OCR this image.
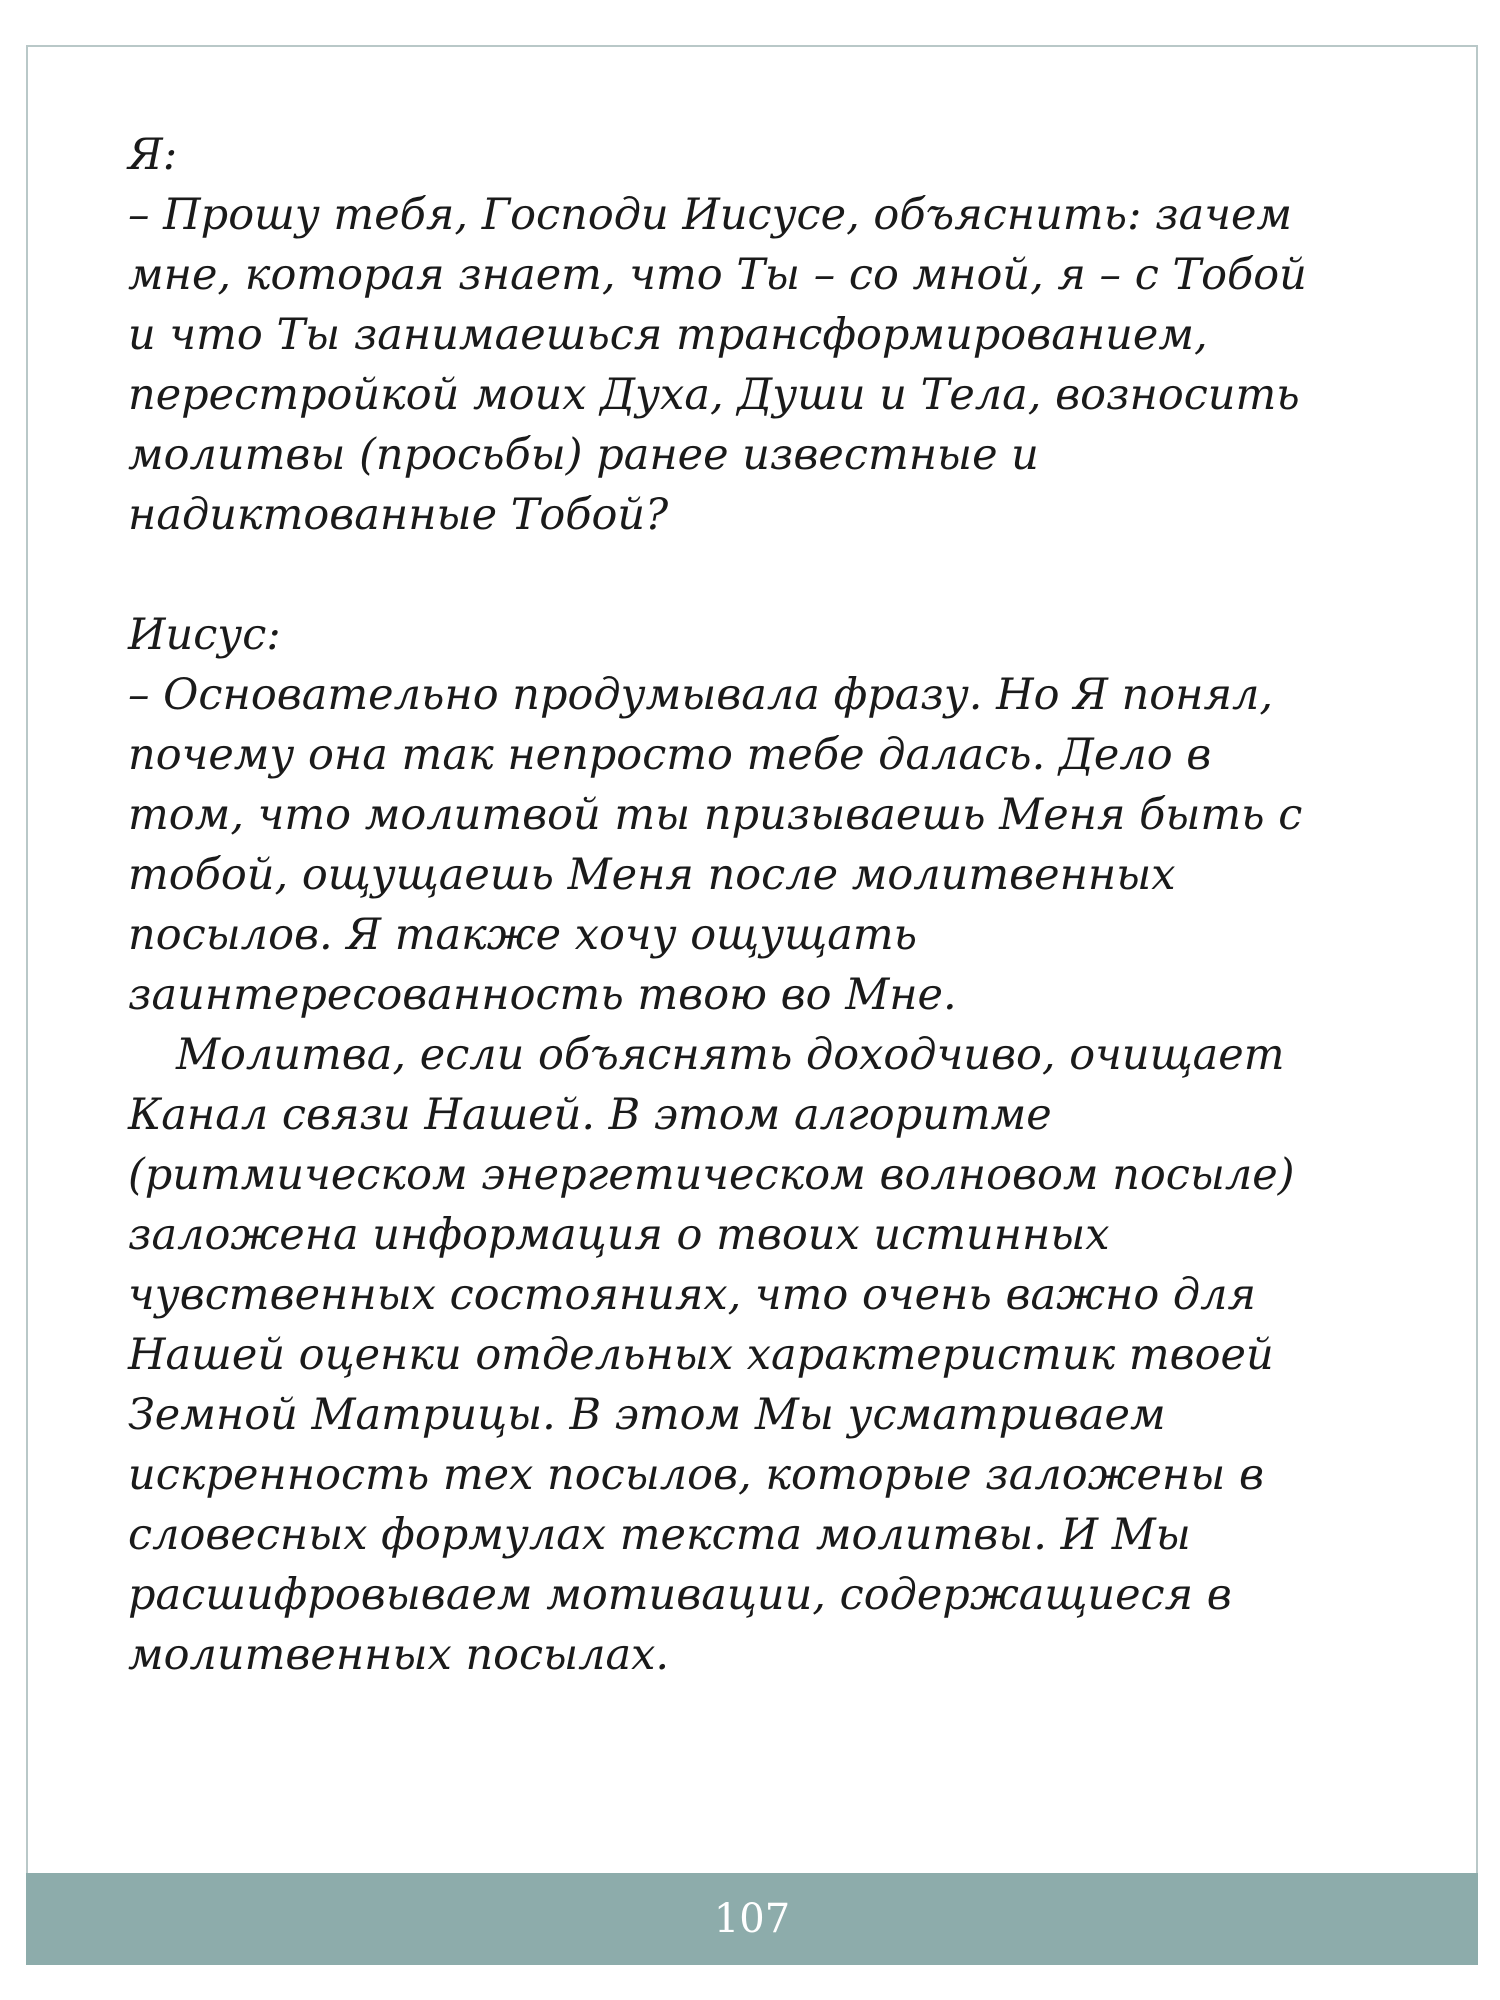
Я:
– Прошу тебя, Господи Иисусе, объяснить: зачем
мне, которая знает, что Ты – со мной, я – с Тобой
и что Ты занимаешься трансформированием,
перестройкой моих Духа, Души и Тела, возносить
молитвы (просьбы) ранее известные и
надиктованные Тобой?
Иисус:
– Основательно продумывала фразу. Но Я понял,
почему она так непросто тебе далась. Дело в
том, что молитвой ты призываешь Меня быть с
тобой, ощущаешь Меня после молитвенных
посылов. Я также хочу ощущать
заинтересованность твою во Мне.
Молитва, если объяснять доходчиво, очищает
Канал связи Нашей. В этом алгоритме
(ритмическом энергетическом волновом посыле)
заложена информация о твоих истинных
чувственных состояниях, что очень важно для
Нашей оценки отдельных характеристик твоей
Земной Матрицы. В этом Мы усматриваем
искренность тех посылов, которые заложены в
словесных формулах текста молитвы. И Мы
расшифровываем мотивации, содержащиеся в
молитвенных посылах.
107
